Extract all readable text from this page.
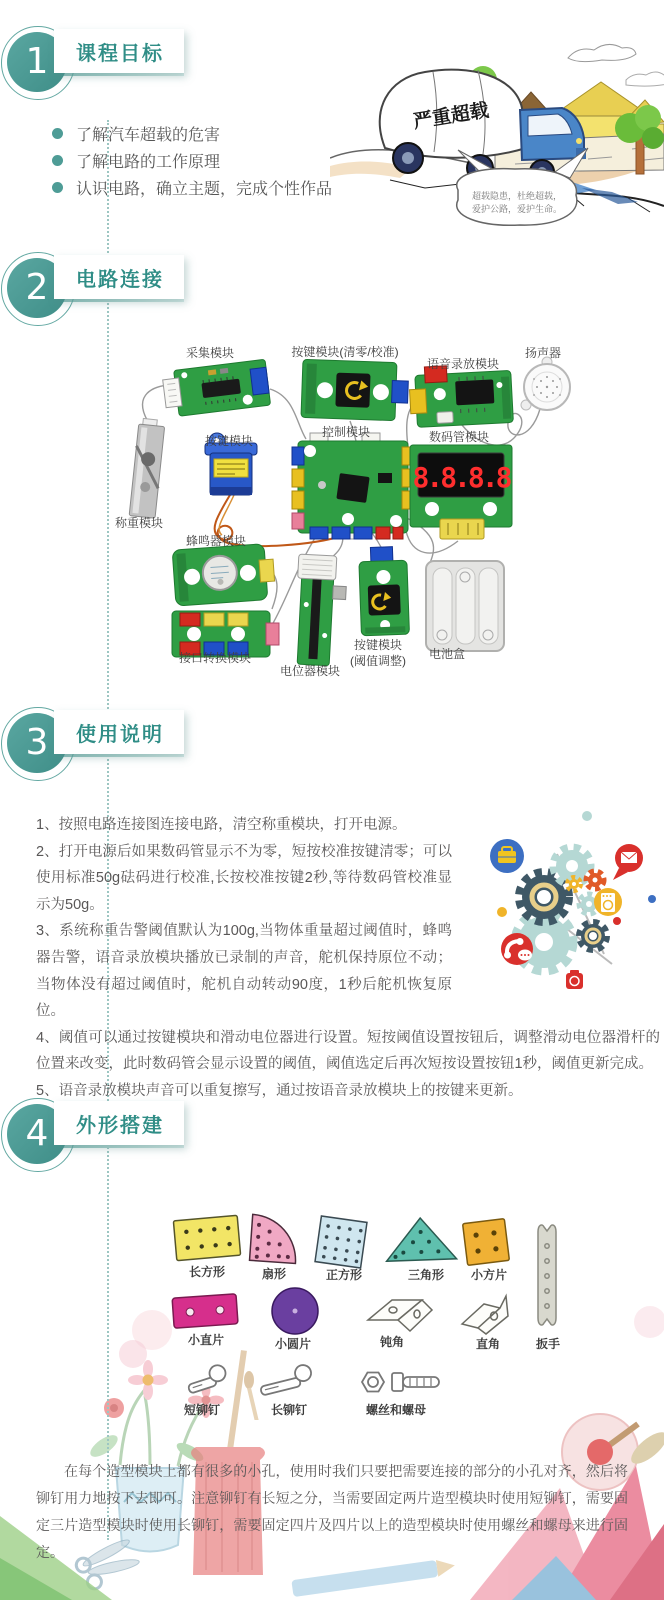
1 课程目标
了解汽车超载的危害
了解电路的工作原理
认识电路，确立主题，完成个性作品
严重超载
超载隐患，杜绝超载，
爱护公路，爱护生命。
2 电路连接
8.8.8.8
采集模块	按键模块(清零/校准)
语音录放模块
扬声器
称重模块
按键模块
控制模块	数码管模块
蜂鸣器模块
接口转换模块
电位器模块
按键模块
(阈值调整) 电池盒
3 使用说明

1、按照电路连接图连接电路，清空称重模块，打开电源。

2、打开电源后如果数码管显示不为零，短按校准按键清零；可以使用标准50g砝码进行校准,长按校准按键2秒,等待数码管校准显示为50g。

3、系统称重告警阈值默认为100g,当物体重量超过阈值时，蜂鸣器告警，语音录放模块播放已录制的声音，舵机保持原位不动；当物体没有超过阈值时，舵机自动转动90度，1秒后舵机恢复原位。

4、阈值可以通过按键模块和滑动电位器进行设置。短按阈值设置按钮后，调整滑动电位器滑杆的位置来改变，此时数码管会显示设置的阈值，阈值选定后再次短按设置按钮1秒，阈值更新完成。

5、语音录放模块声音可以重复擦写，通过按语音录放模块上的按键来更新。

4 外形搭建
长方形	扇形	正方形	三角形 小方片
扳手
小直片	小圆片	钝角	直角
短铆钉	长铆钉	螺丝和螺母

在每个造型模块上都有很多的小孔，使用时我们只要把需要连接的部分的小孔对齐，然后将铆钉用力地按下去即可。注意铆钉有长短之分，当需要固定两片造型模块时使用短铆钉，需要固定三片造型模块时使用长铆钉，需要固定四片及四片以上的造型模块时使用螺丝和螺母来进行固定。
